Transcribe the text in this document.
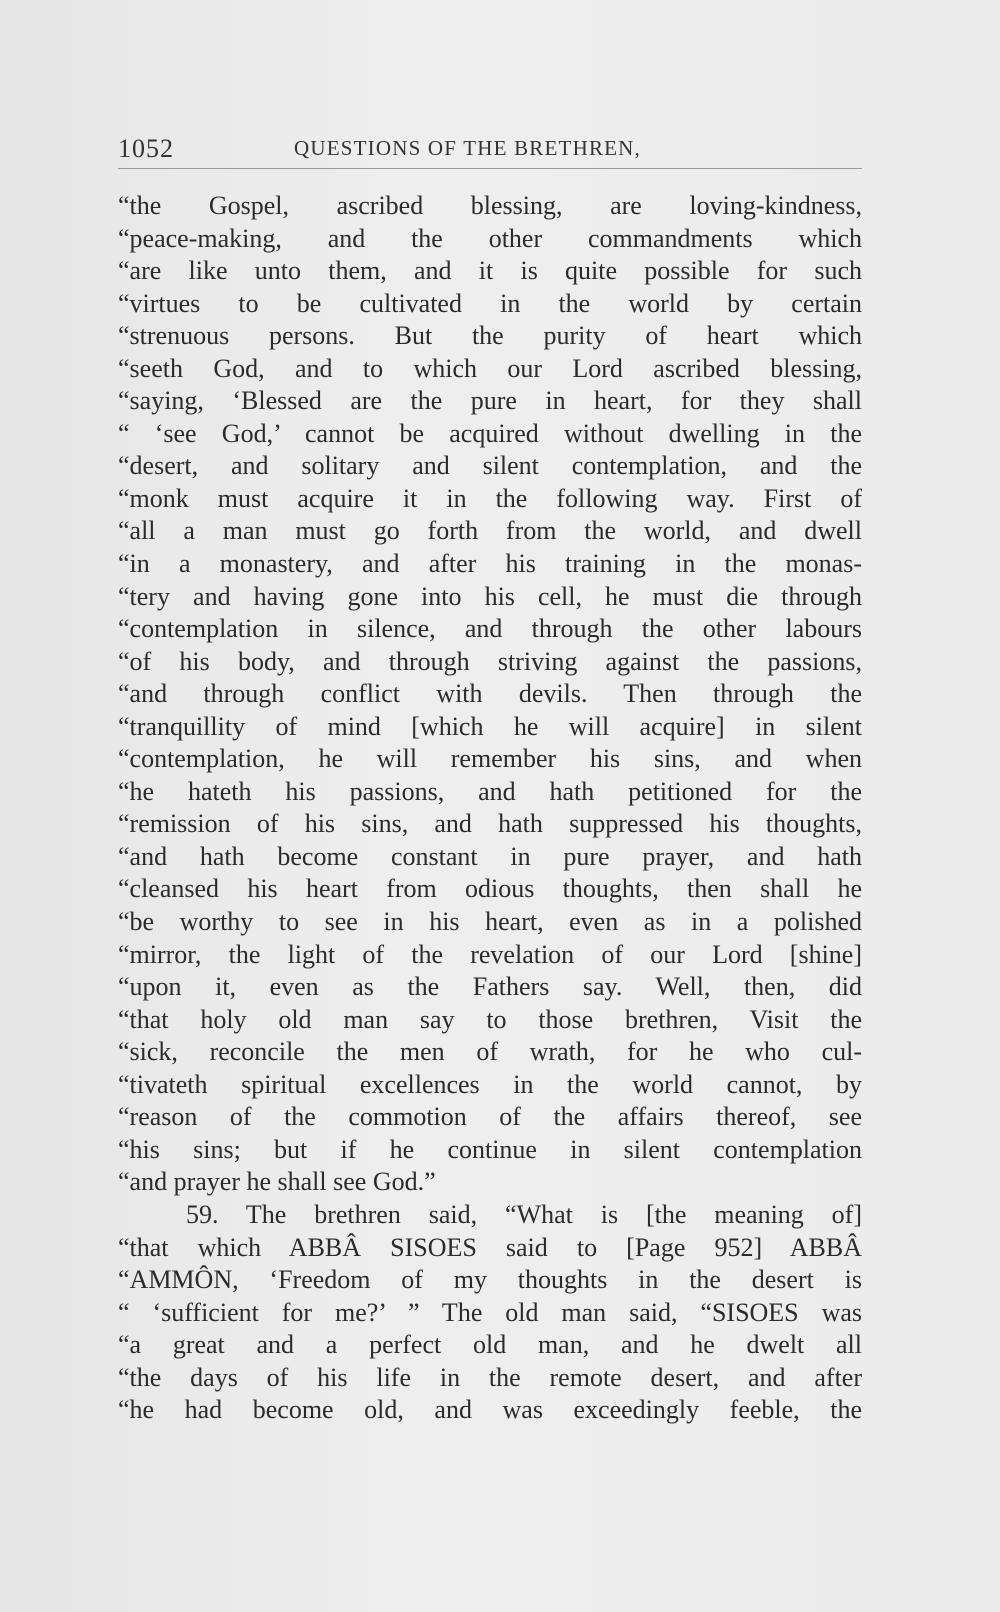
1052	QUESTIONS OF THE BRETHREN,
“the Gospel, ascribed blessing, are loving-kindness,
“peace-making, and the other commandments which
“are like unto them, and it is quite possible for such
“virtues to be cultivated in the world by certain
“strenuous persons. But the purity of heart which
“seeth God, and to which our Lord ascribed blessing,
“saying, ‘Blessed are the pure in heart, for they shall
“ ‘see God,’ cannot be acquired without dwelling in the
“desert, and solitary and silent contemplation, and the
“monk must acquire it in the following way. First of
“all a man must go forth from the world, and dwell
“in a monastery, and after his training in the monas-
“tery and having gone into his cell, he must die through
“contemplation in silence, and through the other labours
“of his body, and through striving against the passions,
“and through conflict with devils. Then through the
“tranquillity of mind [which he will acquire] in silent
“contemplation, he will remember his sins, and when
“he hateth his passions, and hath petitioned for the
“remission of his sins, and hath suppressed his thoughts,
“and hath become constant in pure prayer, and hath
“cleansed his heart from odious thoughts, then shall he
“be worthy to see in his heart, even as in a polished
“mirror, the light of the revelation of our Lord [shine]
“upon it, even as the Fathers say. Well, then, did
“that holy old man say to those brethren, Visit the
“sick, reconcile the men of wrath, for he who cul-
“tivateth spiritual excellences in the world cannot, by
“reason of the commotion of the affairs thereof, see
“his sins; but if he continue in silent contemplation
“and prayer he shall see God.”
59. The brethren said, “What is [the meaning of]
“that which ABBÂ SISOES said to [Page 952] ABBÂ
“AMMÔN, ‘Freedom of my thoughts in the desert is
“ ‘sufficient for me?’ ” The old man said, “SISOES was
“a great and a perfect old man, and he dwelt all
“the days of his life in the remote desert, and after
“he had become old, and was exceedingly feeble, the
